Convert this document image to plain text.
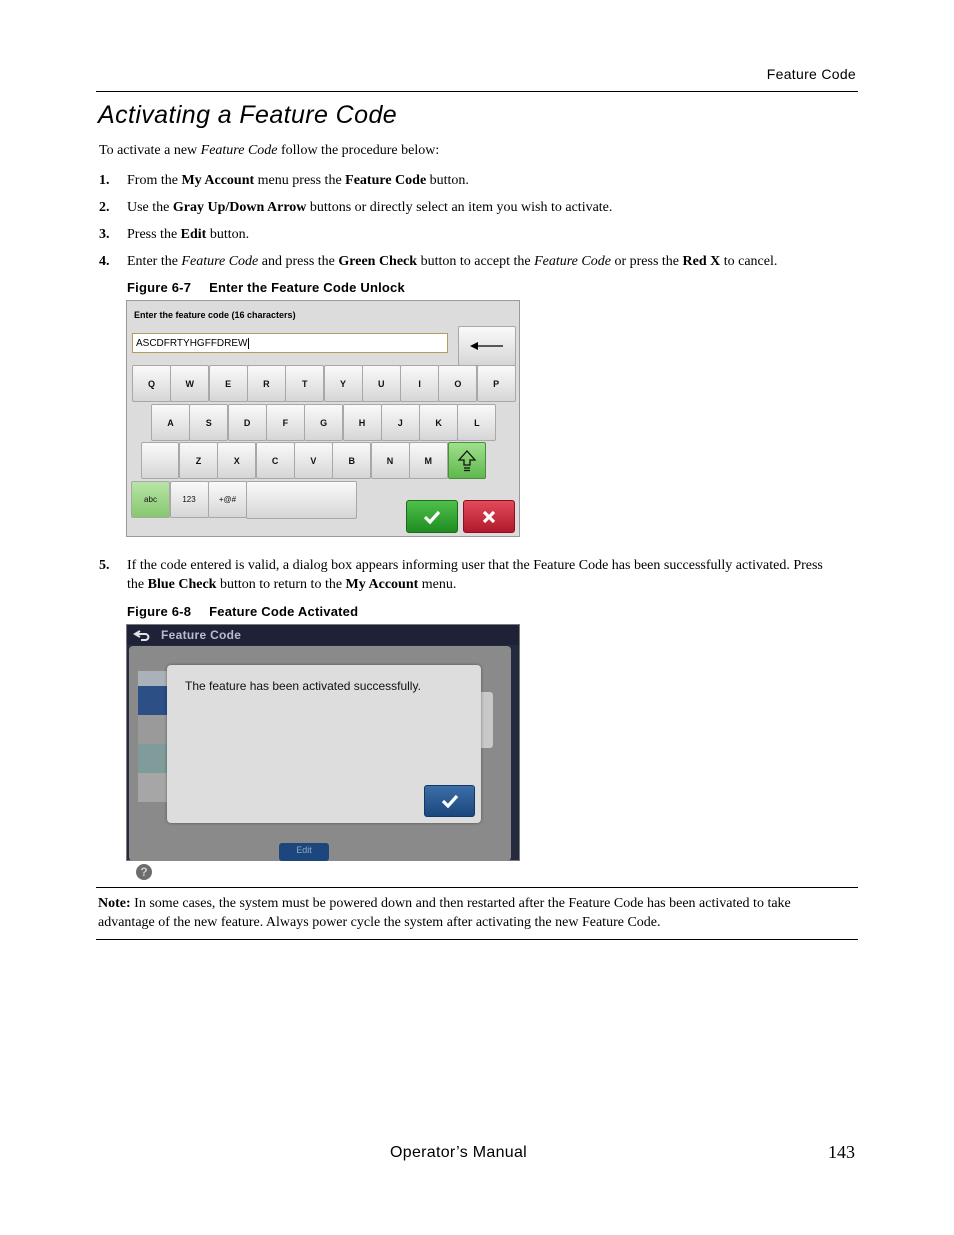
Feature Code
Activating a Feature Code
To activate a new Feature Code follow the procedure below:
1. From the My Account menu press the Feature Code button.
2. Use the Gray Up/Down Arrow buttons or directly select an item you wish to activate.
3. Press the Edit button.
4. Enter the Feature Code and press the Green Check button to accept the Feature Code or press the Red X to cancel.
Figure 6-7 Enter the Feature Code Unlock
Enter the feature code (16 characters)
ASCDFRTYHGFFDREW
Q	W	E	R	T	Y	U	I	O	P
A	S	D	F	G	H	J	K	L
Z	X	C	V	B	N	M
abc	123	+@#
5. If the code entered is valid, a dialog box appears informing user that the Feature Code has been successfully activated. Press the Blue Check button to return to the My Account menu.
Figure 6-8 Feature Code Activated
Feature Code
Edit
?
The feature has been activated successfully.
Note: In some cases, the system must be powered down and then restarted after the Feature Code has been activated to take advantage of the new feature. Always power cycle the system after activating the new Feature Code.
Operator’s Manual	143
